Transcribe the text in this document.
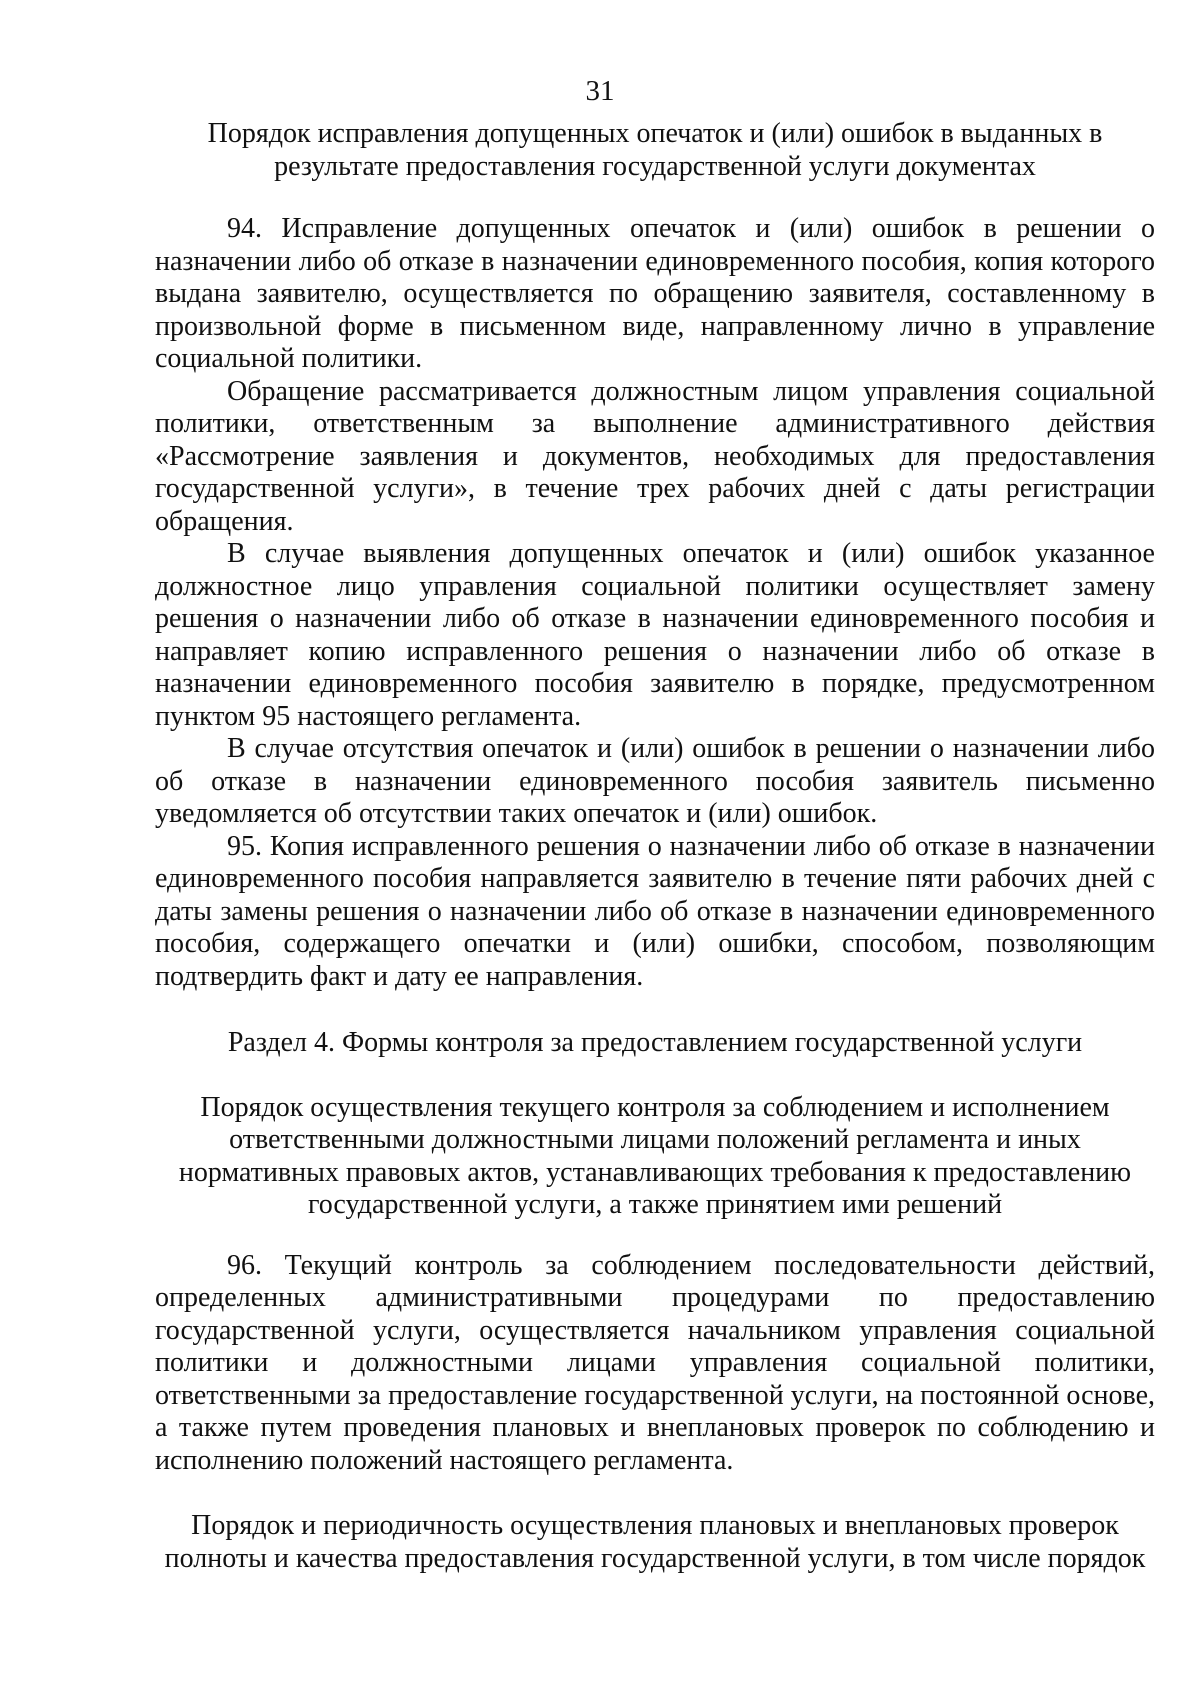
31

Порядок исправления допущенных опечаток и (или) ошибок в выданных в результате предоставления государственной услуги документах

94. Исправление допущенных опечаток и (или) ошибок в решении о назначении либо об отказе в назначении единовременного пособия, копия которого выдана заявителю, осуществляется по обращению заявителя, составленному в произвольной форме в письменном виде, направленному лично в управление социальной политики.

Обращение рассматривается должностным лицом управления социальной политики, ответственным за выполнение административного действия «Рассмотрение заявления и документов, необходимых для предоставления государственной услуги», в течение трех рабочих дней с даты регистрации обращения.

В случае выявления допущенных опечаток и (или) ошибок указанное должностное лицо управления социальной политики осуществляет замену решения о назначении либо об отказе в назначении единовременного пособия и направляет копию исправленного решения о назначении либо об отказе в назначении единовременного пособия заявителю в порядке, предусмотренном пунктом 95 настоящего регламента.

В случае отсутствия опечаток и (или) ошибок в решении о назначении либо об отказе в назначении единовременного пособия заявитель письменно уведомляется об отсутствии таких опечаток и (или) ошибок.

95. Копия исправленного решения о назначении либо об отказе в назначении единовременного пособия направляется заявителю в течение пяти рабочих дней с даты замены решения о назначении либо об отказе в назначении единовременного пособия, содержащего опечатки и (или) ошибки, способом, позволяющим подтвердить факт и дату ее направления.

Раздел 4. Формы контроля за предоставлением государственной услуги

Порядок осуществления текущего контроля за соблюдением и исполнением ответственными должностными лицами положений регламента и иных нормативных правовых актов, устанавливающих требования к предоставлению государственной услуги, а также принятием ими решений

96. Текущий контроль за соблюдением последовательности действий, определенных административными процедурами по предоставлению государственной услуги, осуществляется начальником управления социальной политики и должностными лицами управления социальной политики, ответственными за предоставление государственной услуги, на постоянной основе, а также путем проведения плановых и внеплановых проверок по соблюдению и исполнению положений настоящего регламента.

Порядок и периодичность осуществления плановых и внеплановых проверок полноты и качества предоставления государственной услуги, в том числе порядок
